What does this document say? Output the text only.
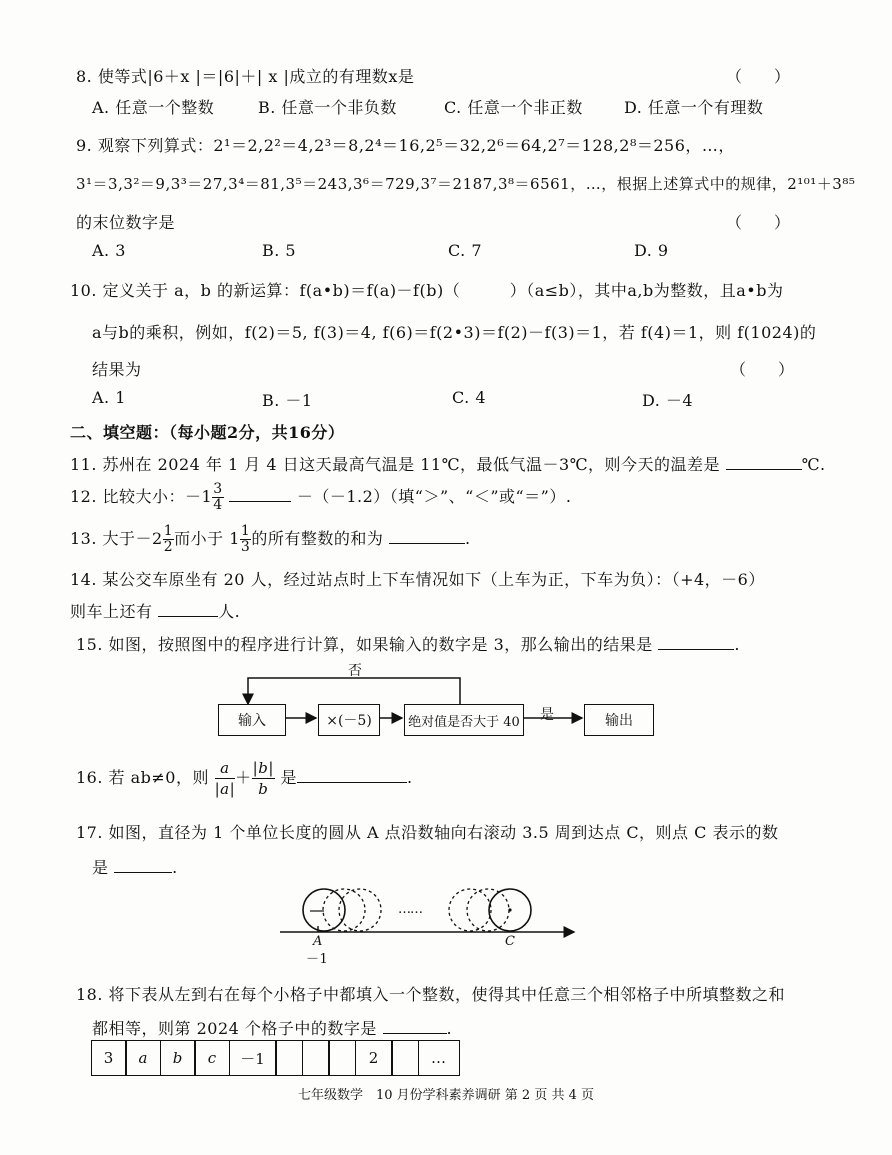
8. 使等式|6＋x |＝|6|＋| x |成立的有理数x是	（　　）
A. 任意一个整数	B. 任意一个非负数	C. 任意一个非正数	D. 任意一个有理数
9. 观察下列算式：2¹＝2,2²＝4,2³＝8,2⁴＝16,2⁵＝32,2⁶＝64,2⁷＝128,2⁸＝256，…，
3¹＝3,3²＝9,3³＝27,3⁴＝81,3⁵＝243,3⁶＝729,3⁷＝2187,3⁸＝6561，…，根据上述算式中的规律，2¹⁰¹＋3⁸⁵
的末位数字是	（　　）
A. 3	B. 5	C. 7	D. 9
10. 定义关于 a，b 的新运算：f(a•b)＝f(a)－f(b)（　　　）（a≤b），其中a,b为整数，且a•b为
a与b的乘积，例如，f(2)＝5, f(3)＝4, f(6)＝f(2•3)＝f(2)－f(3)＝1，若 f(4)＝1，则 f(1024)的
结果为	（　　）
A. 1	B. －1	C. 4	D. －4
二、填空题：（每小题2分，共16分）
11. 苏州在 2024 年 1 月 4 日这天最高气温是 11℃，最低气温－3℃，则今天的温差是	℃.
12. 比较大小：$-1 \frac{3}{4}$	－（－1.2）（填“＞”、“＜”或“＝”）.
13. 大于$-2 \frac{1}{2}$ 而小于 $1 \frac{1}{3}$ 的所有整数的和为	.
14. 某公交车原坐有 20 人，经过站点时上下车情况如下（上车为正，下车为负）：（+4，－6）
则车上还有	人.
15. 如图，按照图中的程序进行计算，如果输入的数字是 3，那么输出的结果是	.
否
输入	×(－5)	绝对值是否大于 40 是	输出
16. 若 ab≠0，则 $\frac{a}{|a|} + \frac{|b|}{b}$ 是	.
17. 如图，直径为 1 个单位长度的圆从 A 点沿数轴向右滚动 3.5 周到达点 C，则点 C 表示的数
是	.
……
A
－1
C
18. 将下表从左到右在每个小格子中都填入一个整数，使得其中任意三个相邻格子中所填整数之和
都相等，则第 2024 个格子中的数字是	.
3	a	b	c	－1	2	…
七年级数学　10 月份学科素养调研 第 2 页 共 4 页
